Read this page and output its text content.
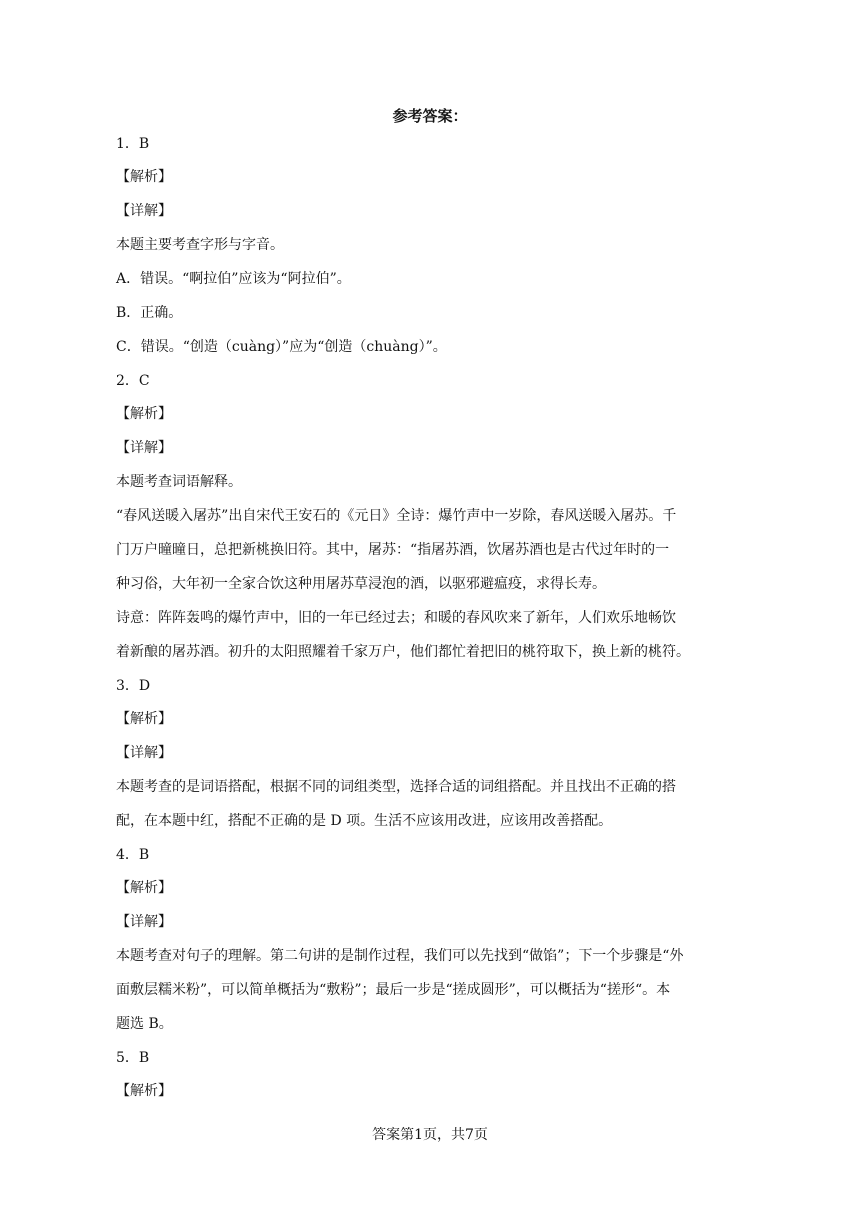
参考答案：
1．B
【解析】
【详解】
本题主要考查字形与字音。
A．错误。“啊拉伯”应该为“阿拉伯”。
B．正确。
C．错误。“创造（cuàng）”应为“创造（chuàng）”。
2．C
【解析】
【详解】
本题考查词语解释。
“春风送暖入屠苏”出自宋代王安石的《元日》全诗：爆竹声中一岁除，春风送暖入屠苏。千
门万户曈曈日，总把新桃换旧符。其中，屠苏：“指屠苏酒，饮屠苏酒也是古代过年时的一
种习俗，大年初一全家合饮这种用屠苏草浸泡的酒，以驱邪避瘟疫，求得长寿。
诗意：阵阵轰鸣的爆竹声中，旧的一年已经过去；和暖的春风吹来了新年，人们欢乐地畅饮
着新酿的屠苏酒。初升的太阳照耀着千家万户，他们都忙着把旧的桃符取下，换上新的桃符。
3．D
【解析】
【详解】
本题考查的是词语搭配，根据不同的词组类型，选择合适的词组搭配。并且找出不正确的搭
配，在本题中红，搭配不正确的是 D 项。生活不应该用改进，应该用改善搭配。
4．B
【解析】
【详解】
本题考查对句子的理解。第二句讲的是制作过程，我们可以先找到“做馅”；下一个步骤是“外
面敷层糯米粉”，可以简单概括为“敷粉”；最后一步是“搓成圆形”，可以概括为“搓形“。本
题选 B。
5．B
【解析】
答案第1页，共7页
